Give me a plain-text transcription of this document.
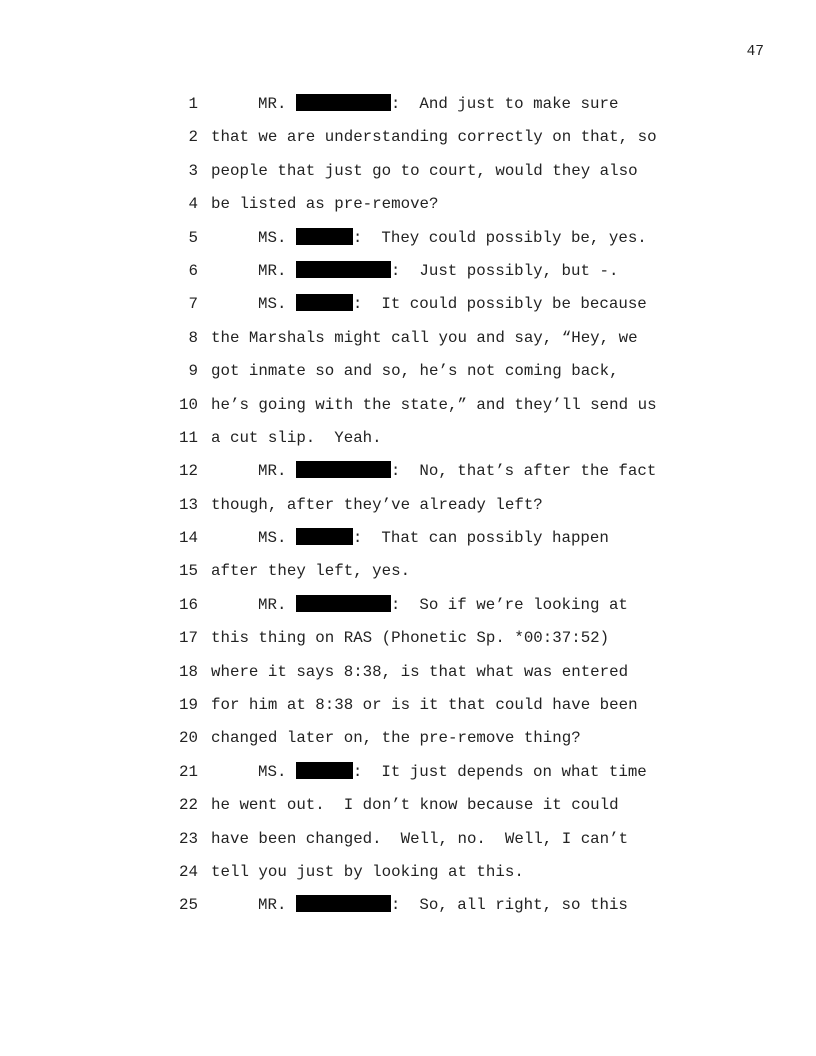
47
1	MR.	:  And just to make sure
2 that we are understanding correctly on that, so
3 people that just go to court, would they also
4 be listed as pre-remove?
5	MS.	:  They could possibly be, yes.
6	MR.	:  Just possibly, but -.
7	MS.	:  It could possibly be because
8 the Marshals might call you and say, “Hey, we
9 got inmate so and so, he’s not coming back,
10 he’s going with the state,” and they’ll send us
11 a cut slip.  Yeah.
12	MR.	:  No, that’s after the fact
13 though, after they’ve already left?
14	MS.	:  That can possibly happen
15 after they left, yes.
16	MR.	:  So if we’re looking at
17 this thing on RAS (Phonetic Sp. *00:37:52)
18 where it says 8:38, is that what was entered
19 for him at 8:38 or is it that could have been
20 changed later on, the pre-remove thing?
21	MS.	:  It just depends on what time
22 he went out.  I don’t know because it could
23 have been changed.  Well, no.  Well, I can’t
24 tell you just by looking at this.
25	MR.	:  So, all right, so this
